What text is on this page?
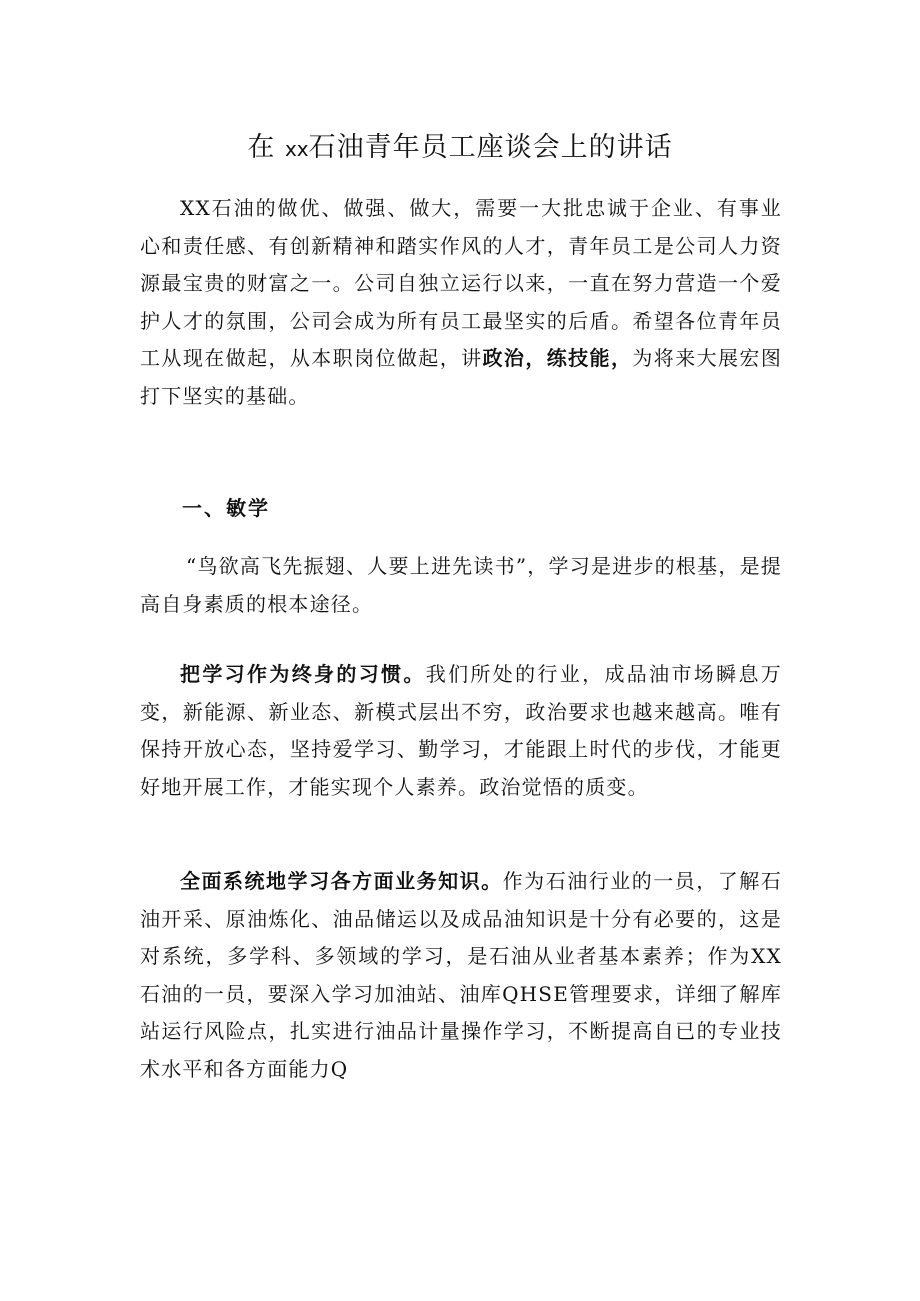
在 xx石油青年员工座谈会上的讲话

XX石油的做优、做强、做大，需要一大批忠诚于企业、有事业心和责任感、有创新精神和踏实作风的人才，青年员工是公司人力资源最宝贵的财富之一。公司自独立运行以来，一直在努力营造一个爱护人才的氛围，公司会成为所有员工最坚实的后盾。希望各位青年员工从现在做起，从本职岗位做起，讲政治，练技能，为将来大展宏图打下坚实的基础。

一、敏学

“鸟欲高飞先振翅、人要上进先读书”，学习是进步的根基，是提高自身素质的根本途径。

把学习作为终身的习惯。我们所处的行业，成品油市场瞬息万变，新能源、新业态、新模式层出不穷，政治要求也越来越高。唯有保持开放心态，坚持爱学习、勤学习，才能跟上时代的步伐，才能更好地开展工作，才能实现个人素养。政治觉悟的质变。

全面系统地学习各方面业务知识。作为石油行业的一员，了解石油开采、原油炼化、油品储运以及成品油知识是十分有必要的，这是对系统，多学科、多领域的学习，是石油从业者基本素养；作为XX石油的一员，要深入学习加油站、油库QHSE管理要求，详细了解库站运行风险点，扎实进行油品计量操作学习，不断提高自已的专业技术水平和各方面能力Q
